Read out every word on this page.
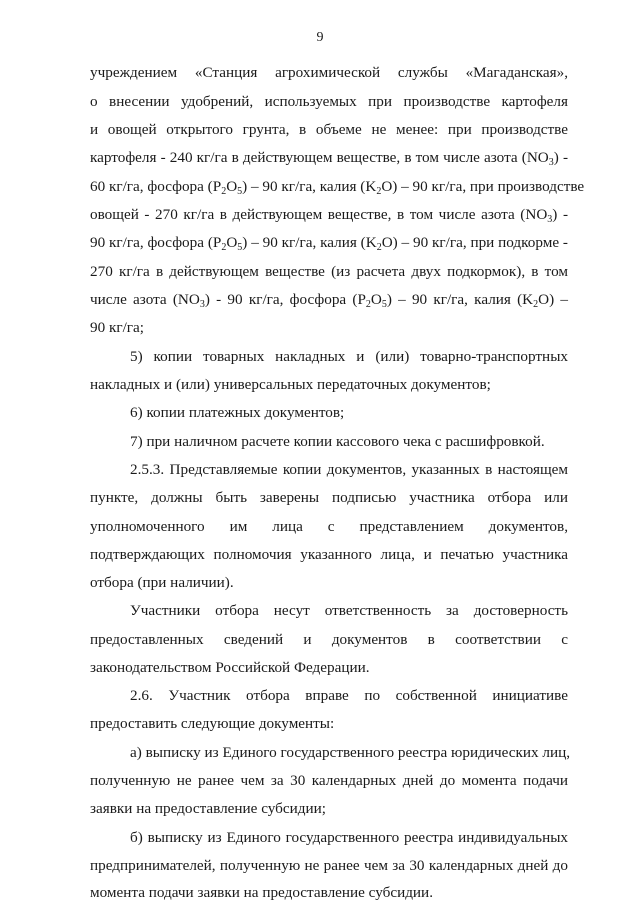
9
учреждением «Станция агрохимической службы «Магаданская»,
о внесении удобрений, используемых при производстве картофеля
и овощей открытого грунта, в объеме не менее: при производстве
картофеля - 240 кг/га в действующем веществе, в том числе азота $(NO_3)$ -
60 кг/га, фосфора $(P_2O_5) - 90$ кг/га, калия $(K_2O) - 90$ кг/га, при производстве
овощей - 270 кг/га в действующем веществе, в том числе азота $(NO_3)$ -
90 кг/га, фосфора $(P_2O_5) - 90$ кг/га, калия $(K_2O) - 90$ кг/га, при подкорме -
270 кг/га в действующем веществе (из расчета двух подкормок), в том
числе азота $(NO_3) - 90$ кг/га, фосфора $(P_2O_5) - 90$ кг/га, калия $(K_2O)$ –
90 кг/га;
5) копии товарных накладных и (или) товарно-транспортных
накладных и (или) универсальных передаточных документов;
6) копии платежных документов;
7) при наличном расчете копии кассового чека с расшифровкой.
2.5.3. Представляемые копии документов, указанных в настоящем
пункте, должны быть заверены подписью участника отбора или
уполномоченного им лица с представлением документов,
подтверждающих полномочия указанного лица, и печатью участника
отбора (при наличии).
Участники отбора несут ответственность за достоверность
предоставленных сведений и документов в соответствии с
законодательством Российской Федерации.
2.6. Участник отбора вправе по собственной инициативе
предоставить следующие документы:
а) выписку из Единого государственного реестра юридических лиц,
полученную не ранее чем за 30 календарных дней до момента подачи
заявки на предоставление субсидии;
б) выписку из Единого государственного реестра индивидуальных
предпринимателей, полученную не ранее чем за 30 календарных дней до
момента подачи заявки на предоставление субсидии.
